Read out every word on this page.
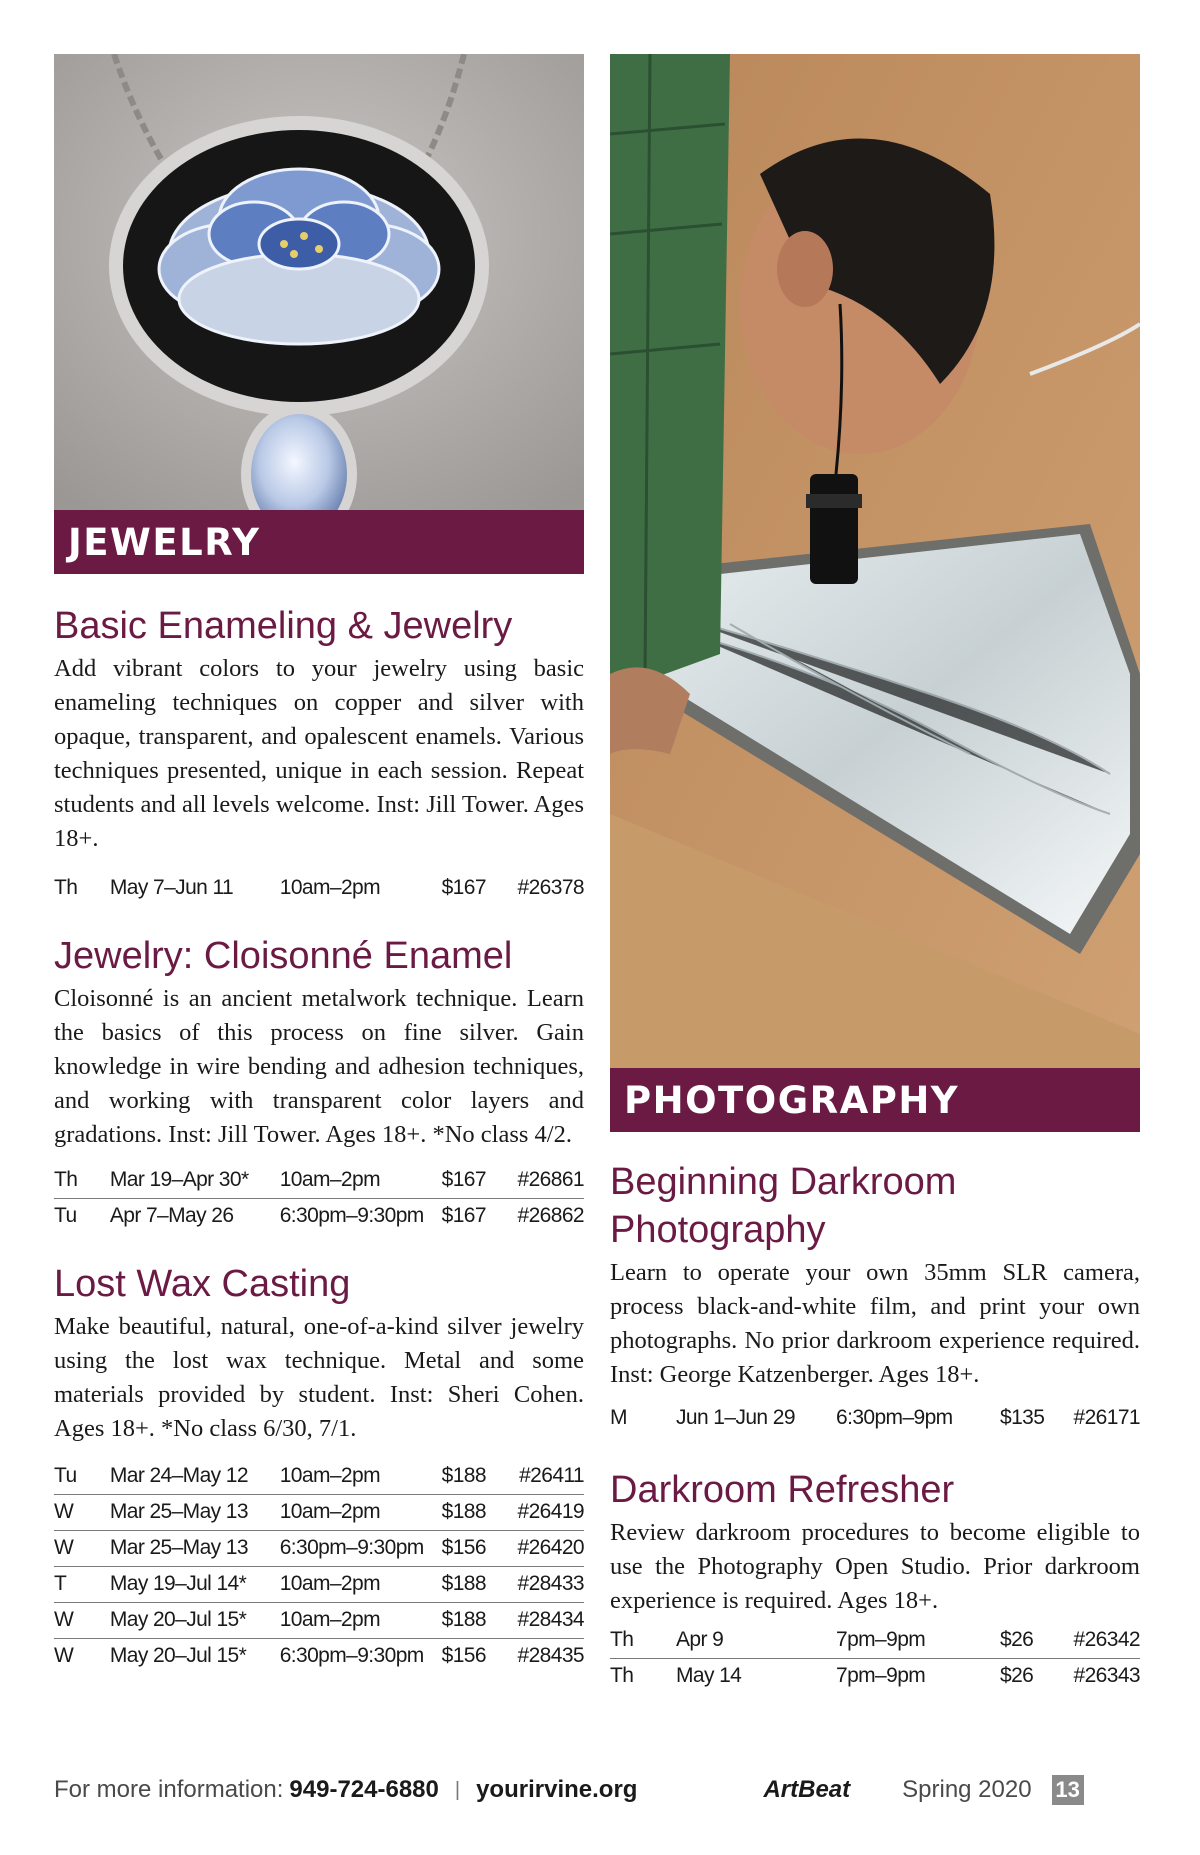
JEWELRY
Basic Enameling & Jewelry

Add vibrant colors to your jewelry using basic enameling techniques on copper and silver with opaque, transparent, and opalescent enamels. Various techniques presented, unique in each session. Repeat students and all levels welcome. Inst: Jill Tower. Ages 18+.

Th	May 7–Jun 11	10am–2pm	$167	#26378
Jewelry: Cloisonné Enamel

Cloisonné is an ancient metalwork technique. Learn the basics of this process on fine silver. Gain knowledge in wire bending and adhesion techniques, and working with transparent color layers and gradations. Inst: Jill Tower. Ages 18+. *No class 4/2.

Th	Mar 19–Apr 30*	10am–2pm	$167	#26861
Tu	Apr 7–May 26	6:30pm–9:30pm	$167	#26862
Lost Wax Casting

Make beautiful, natural, one-of-a-kind silver jewelry using the lost wax technique. Metal and some materials provided by student. Inst: Sheri Cohen. Ages 18+. *No class 6/30, 7/1.

Tu	Mar 24–May 12	10am–2pm	$188	#26411
W	Mar 25–May 13	10am–2pm	$188	#26419
W	Mar 25–May 13	6:30pm–9:30pm	$156	#26420
T	May 19–Jul 14*	10am–2pm	$188	#28433
W	May 20–Jul 15*	10am–2pm	$188	#28434
W	May 20–Jul 15*	6:30pm–9:30pm	$156	#28435
PHOTOGRAPHY
Beginning Darkroom Photography

Learn to operate your own 35mm SLR camera, process black-and-white film, and print your own photographs. No prior darkroom experience required. Inst: George Katzenberger. Ages 18+.

M	Jun 1–Jun 29	6:30pm–9pm	$135	#26171
Darkroom Refresher

Review darkroom procedures to become eligible to use the Photography Open Studio. Prior darkroom experience is required. Ages 18+.

Th	Apr 9	7pm–9pm	$26	#26342
Th	May 14	7pm–9pm	$26	#26343
For more information: 949-724-6880 | yourirvine.org	ArtBeat Spring 2020 13
